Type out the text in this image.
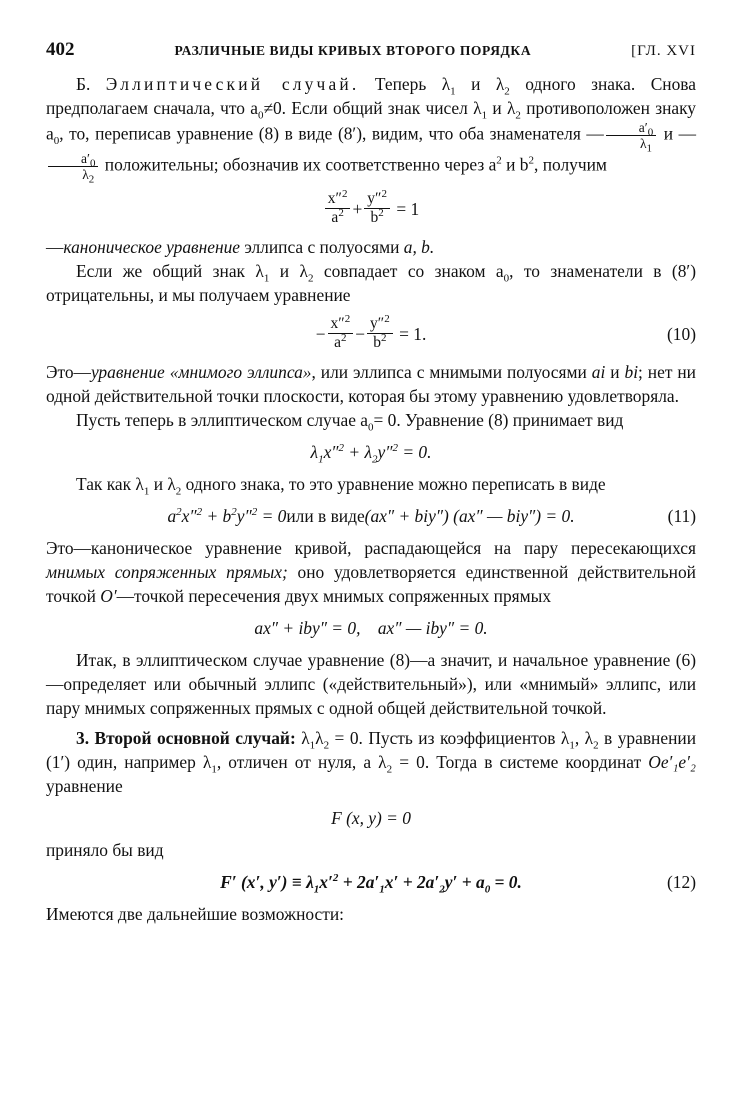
402	РАЗЛИЧНЫЕ ВИДЫ КРИВЫХ ВТОРОГО ПОРЯДКА	[ГЛ. XVI

Б. Эллиптический случай. Теперь $\lambda_1$ и $\lambda_2$ одного знака. Снова предполагаем сначала, что $a_0\ne 0$. Если общий знак чисел $\lambda_1$ и $\lambda_2$ противоположен знаку $a_0$, то, переписав уравнение (8) в виде (8′), видим, что оба знаменателя — $\frac{a'_0}{\lambda_1}$ и —
$\frac{a'_0}{\lambda_2}$ положительны; обозначив их соответственно через $a^2$ и $b^2$, получим

x″$^2$
$a^2 + \frac{y''^2}{b^2}$
= 1

—каноническое уравнение эллипса с полуосями a, b.

Если же общий знак $\lambda_1$ и $\lambda_2$ совпадает со знаком $a_0$, то знаменатели в (8′) отрицательны, и мы получаем уравнение

− $\frac{x''^2}{a^2} - \frac{y''^2}{b^2}$
= 1.	(10)

Это—уравнение «мнимого эллипса», или эллипса с мнимыми полуосями ai и bi; нет ни одной действительной точки плоскости, которая бы этому уравнению удовлетворяла.

Пусть теперь в эллиптическом случае $a_0= 0$. Уравнение (8) принимает вид

$\lambda_1x''^2 + \lambda_2y''^2 = 0$.

Так как $\lambda_1$ и $\lambda_2$ одного знака, то это уравнение можно переписать в виде

$a^2x''^2 + b^2y''^2 = 0$ или в виде (ax″ + biy″) (ax″ — biy″) = 0.	(11)

Это—каноническое уравнение кривой, распадающейся на пару пересекающихся мнимых сопряженных прямых; оно удовлетворяется единственной действительной точкой O′—точкой пересечения двух мнимых сопряженных прямых

ax″ + iby″ = 0,
ax″ — iby″ = 0.

Итак, в эллиптическом случае уравнение (8)—а значит, и начальное уравнение (6)—определяет или обычный эллипс («действительный»), или «мнимый» эллипс, или пару мнимых сопряженных прямых с одной общей действительной точкой.

3. Второй основной случай: $\lambda_1\lambda_2 = 0$. Пусть из коэффициентов $\lambda_1$, $\lambda_2$ в уравнении (1′) один, например $\lambda_1$, отличен от нуля, а $\lambda_2 = 0$. Тогда в системе координат Oe′₁e′₂ уравнение

F (x, y) = 0

приняло бы вид

F′ (x′, $y') \equiv \lambda_1x'^2 + 2a'_1x' + 2a'_2y' + a_0 = 0$.	(12)

Имеются две дальнейшие возможности:
